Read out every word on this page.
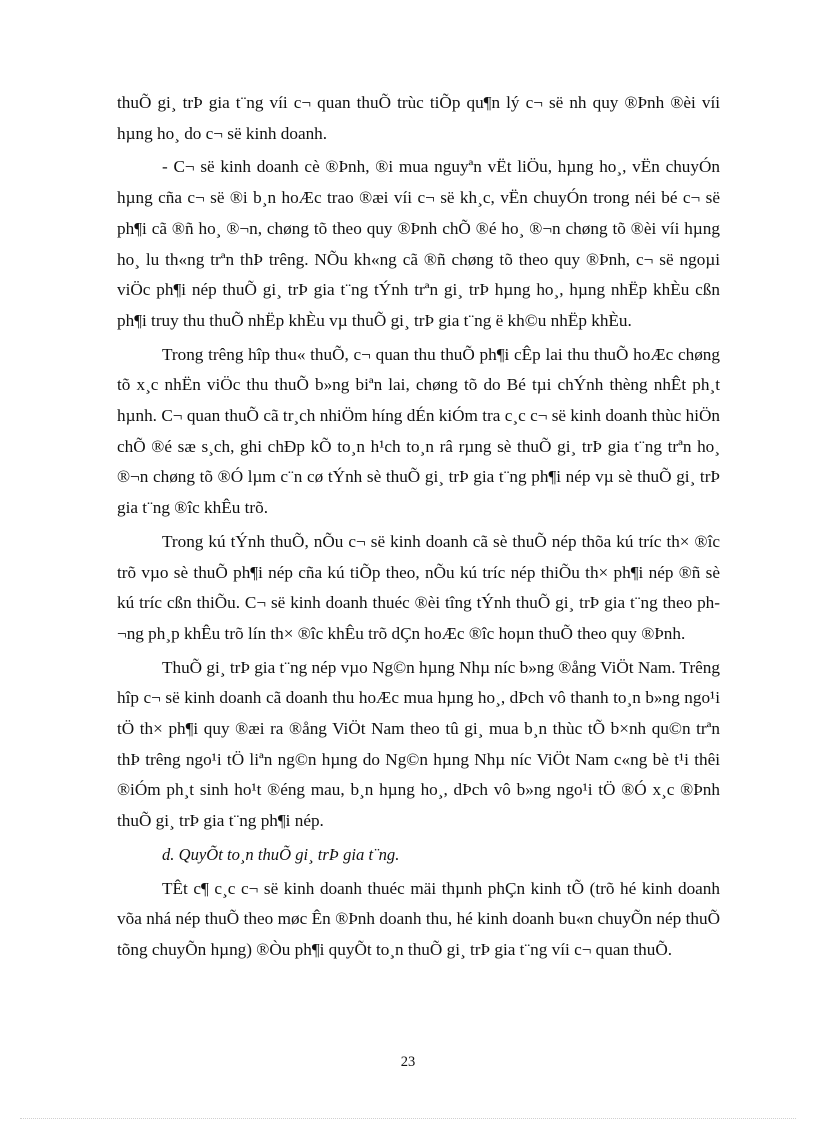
thuÕ gi¸ trÞ gia t¨ng víi c¬ quan thuÕ trùc tiÕp qu¶n lý c¬ së nh quy ®Þnh ®èi víi hµng ho¸ do c¬ së kinh doanh.

- C¬ së kinh doanh cè ®Þnh, ®i mua nguyªn vËt liÖu, hµng ho¸, vËn chuyÓn hµng cña c¬ së ®i b¸n hoÆc trao ®æi víi c¬ së kh¸c, vËn chuyÓn trong néi bé c¬ së ph¶i cã ®ñ ho¸ ®¬n, chøng tõ theo quy ®Þnh chÕ ®é ho¸ ®¬n chøng tõ ®èi víi hµng ho¸ lu th«ng trªn thÞ trêng. NÕu kh«ng cã ®ñ chøng tõ theo quy ®Þnh, c¬ së ngoµi viÖc ph¶i nép thuÕ gi¸ trÞ gia t¨ng tÝnh trªn gi¸ trÞ hµng ho¸, hµng nhËp khÈu cßn ph¶i truy thu thuÕ nhËp khÈu vµ thuÕ gi¸ trÞ gia t¨ng ë kh©u nhËp khÈu.

Trong trêng hîp thu« thuÕ, c¬ quan thu thuÕ ph¶i cÊp lai thu thuÕ hoÆc chøng tõ x¸c nhËn viÖc thu thuÕ b»ng biªn lai, chøng tõ do Bé tµi chÝnh thèng nhÊt ph¸t hµnh. C¬ quan thuÕ cã tr¸ch nhiÖm híng dÉn kiÓm tra c¸c c¬ së kinh doanh thùc hiÖn chÕ ®é sæ s¸ch, ghi chÐp kÕ to¸n h¹ch to¸n râ rµng sè thuÕ gi¸ trÞ gia t¨ng trªn ho¸ ®¬n chøng tõ ®Ó lµm c¨n cø tÝnh sè thuÕ gi¸ trÞ gia t¨ng ph¶i nép vµ sè thuÕ gi¸ trÞ gia t¨ng ®îc khÊu trõ.

Trong kú tÝnh thuÕ, nÕu c¬ së kinh doanh cã sè thuÕ nép thõa kú tríc th× ®îc trõ vµo sè thuÕ ph¶i nép cña kú tiÕp theo, nÕu kú tríc nép thiÕu th× ph¶i nép ®ñ sè kú tríc cßn thiÕu. C¬ së kinh doanh thuéc ®èi tîng tÝnh thuÕ gi¸ trÞ gia t¨ng theo ph¬ng ph¸p khÊu trõ lín th× ®îc khÊu trõ dÇn hoÆc ®îc hoµn thuÕ theo quy ®Þnh.

ThuÕ gi¸ trÞ gia t¨ng nép vµo Ng©n hµng Nhµ níc b»ng ®ång ViÖt Nam. Trêng hîp c¬ së kinh doanh cã doanh thu hoÆc mua hµng ho¸, dÞch vô thanh to¸n b»ng ngo¹i tÖ th× ph¶i quy ®æi ra ®ång ViÖt Nam theo tû gi¸ mua b¸n thùc tÕ b×nh qu©n trªn thÞ trêng ngo¹i tÖ liªn ng©n hµng do Ng©n hµng Nhµ níc ViÖt Nam c«ng bè t¹i thêi ®iÓm ph¸t sinh ho¹t ®éng mau, b¸n hµng ho¸, dÞch vô b»ng ngo¹i tÖ ®Ó x¸c ®Þnh thuÕ gi¸ trÞ gia t¨ng ph¶i nép.

d. QuyÕt to¸n thuÕ gi¸ trÞ gia t¨ng.

TÊt c¶ c¸c c¬ së kinh doanh thuéc mäi thµnh phÇn kinh tÕ (trõ hé kinh doanh võa nhá nép thuÕ theo møc Ên ®Þnh doanh thu, hé kinh doanh bu«n chuyÕn nép thuÕ tõng chuyÕn hµng) ®Òu ph¶i quyÕt to¸n thuÕ gi¸ trÞ gia t¨ng víi c¬ quan thuÕ.

23
